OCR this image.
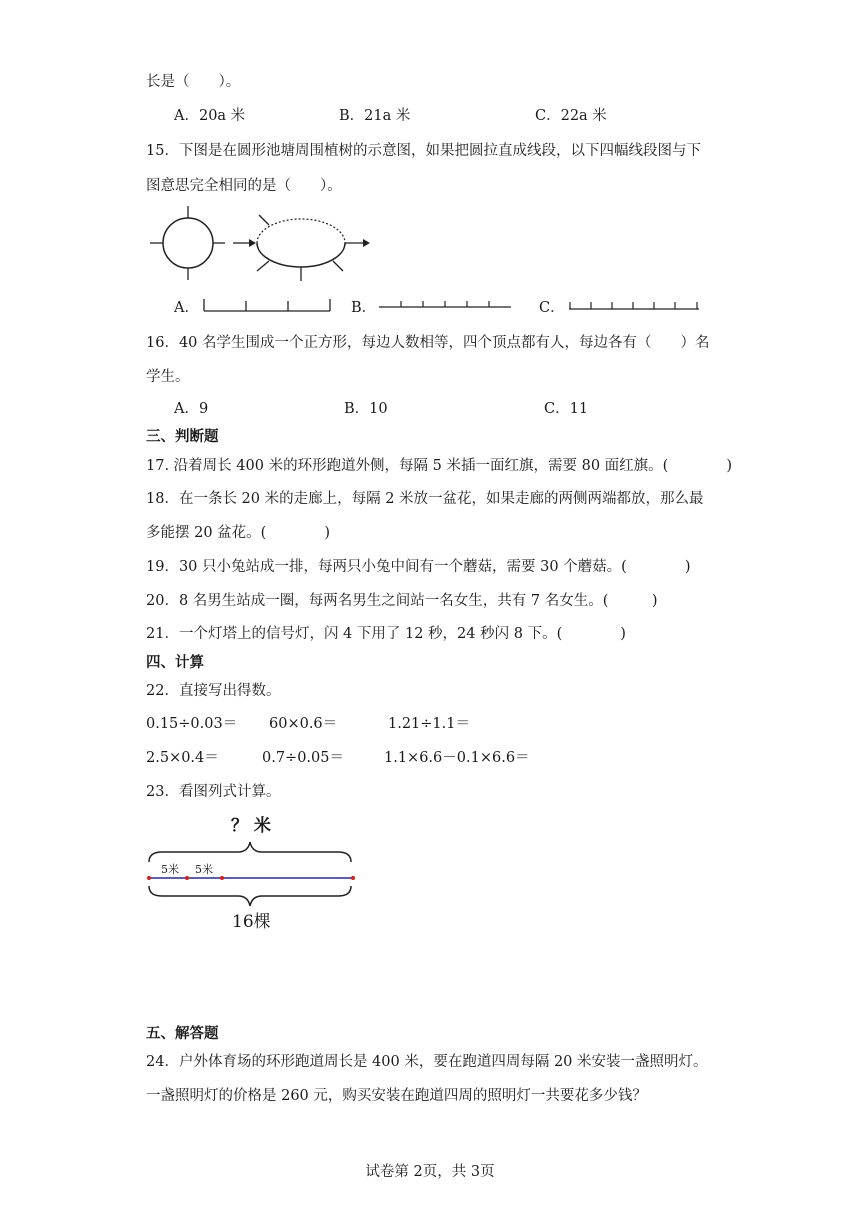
长是（　　）。
A．20a 米	B．21a 米	C．22a 米
15．下图是在圆形池塘周围植树的示意图，如果把圆拉直成线段，以下四幅线段图与下
图意思完全相同的是（　　）。
A．	B．	C．
16．40 名学生围成一个正方形，每边人数相等，四个顶点都有人，每边各有（　　）名
学生。
A．9	B．10	C．11
三、判断题
17. 沿着周长 400 米的环形跑道外侧，每隔 5 米插一面红旗，需要 80 面红旗。(　　　　)
18．在一条长 20 米的走廊上，每隔 2 米放一盆花，如果走廊的两侧两端都放，那么最
多能摆 20 盆花。(　　　　)
19．30 只小兔站成一排，每两只小兔中间有一个蘑菇，需要 30 个蘑菇。(　　　　)
20．8 名男生站成一圈，每两名男生之间站一名女生，共有 7 名女生。(　　　)
21．一个灯塔上的信号灯，闪 4 下用了 12 秒，24 秒闪 8 下。(　　　　)
四、计算
22．直接写出得数。
0.15÷0.03＝ 60×0.6＝	1.21÷1.1＝
2.5×0.4＝	0.7÷0.05＝	1.1×6.6－0.1×6.6＝
23．看图列式计算。
？ 米
5米 5米
16棵
五、解答题
24．户外体育场的环形跑道周长是 400 米，要在跑道四周每隔 20 米安装一盏照明灯。
一盏照明灯的价格是 260 元，购买安装在跑道四周的照明灯一共要花多少钱？
试卷第 2页，共 3页
